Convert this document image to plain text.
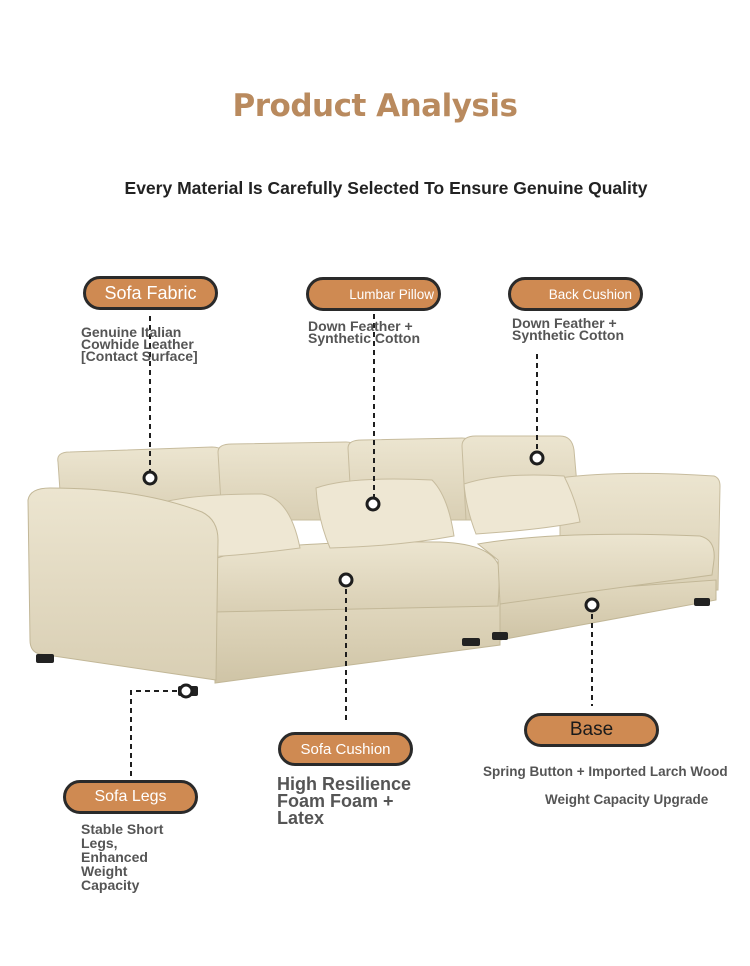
Product Analysis
Every Material Is Carefully Selected To Ensure Genuine Quality
Sofa Fabric
Genuine Italian
Cowhide Leather
[Contact Surface]
Lumbar Pillow
Down Feather +
Synthetic Cotton
Back Cushion
Down Feather +
Synthetic Cotton
Sofa Cushion
High Resilience
Foam Foam +
Latex
Base
Spring Button + Imported Larch Wood
Weight Capacity Upgrade
Sofa Legs
Stable Short
Legs,
Enhanced
Weight
Capacity
